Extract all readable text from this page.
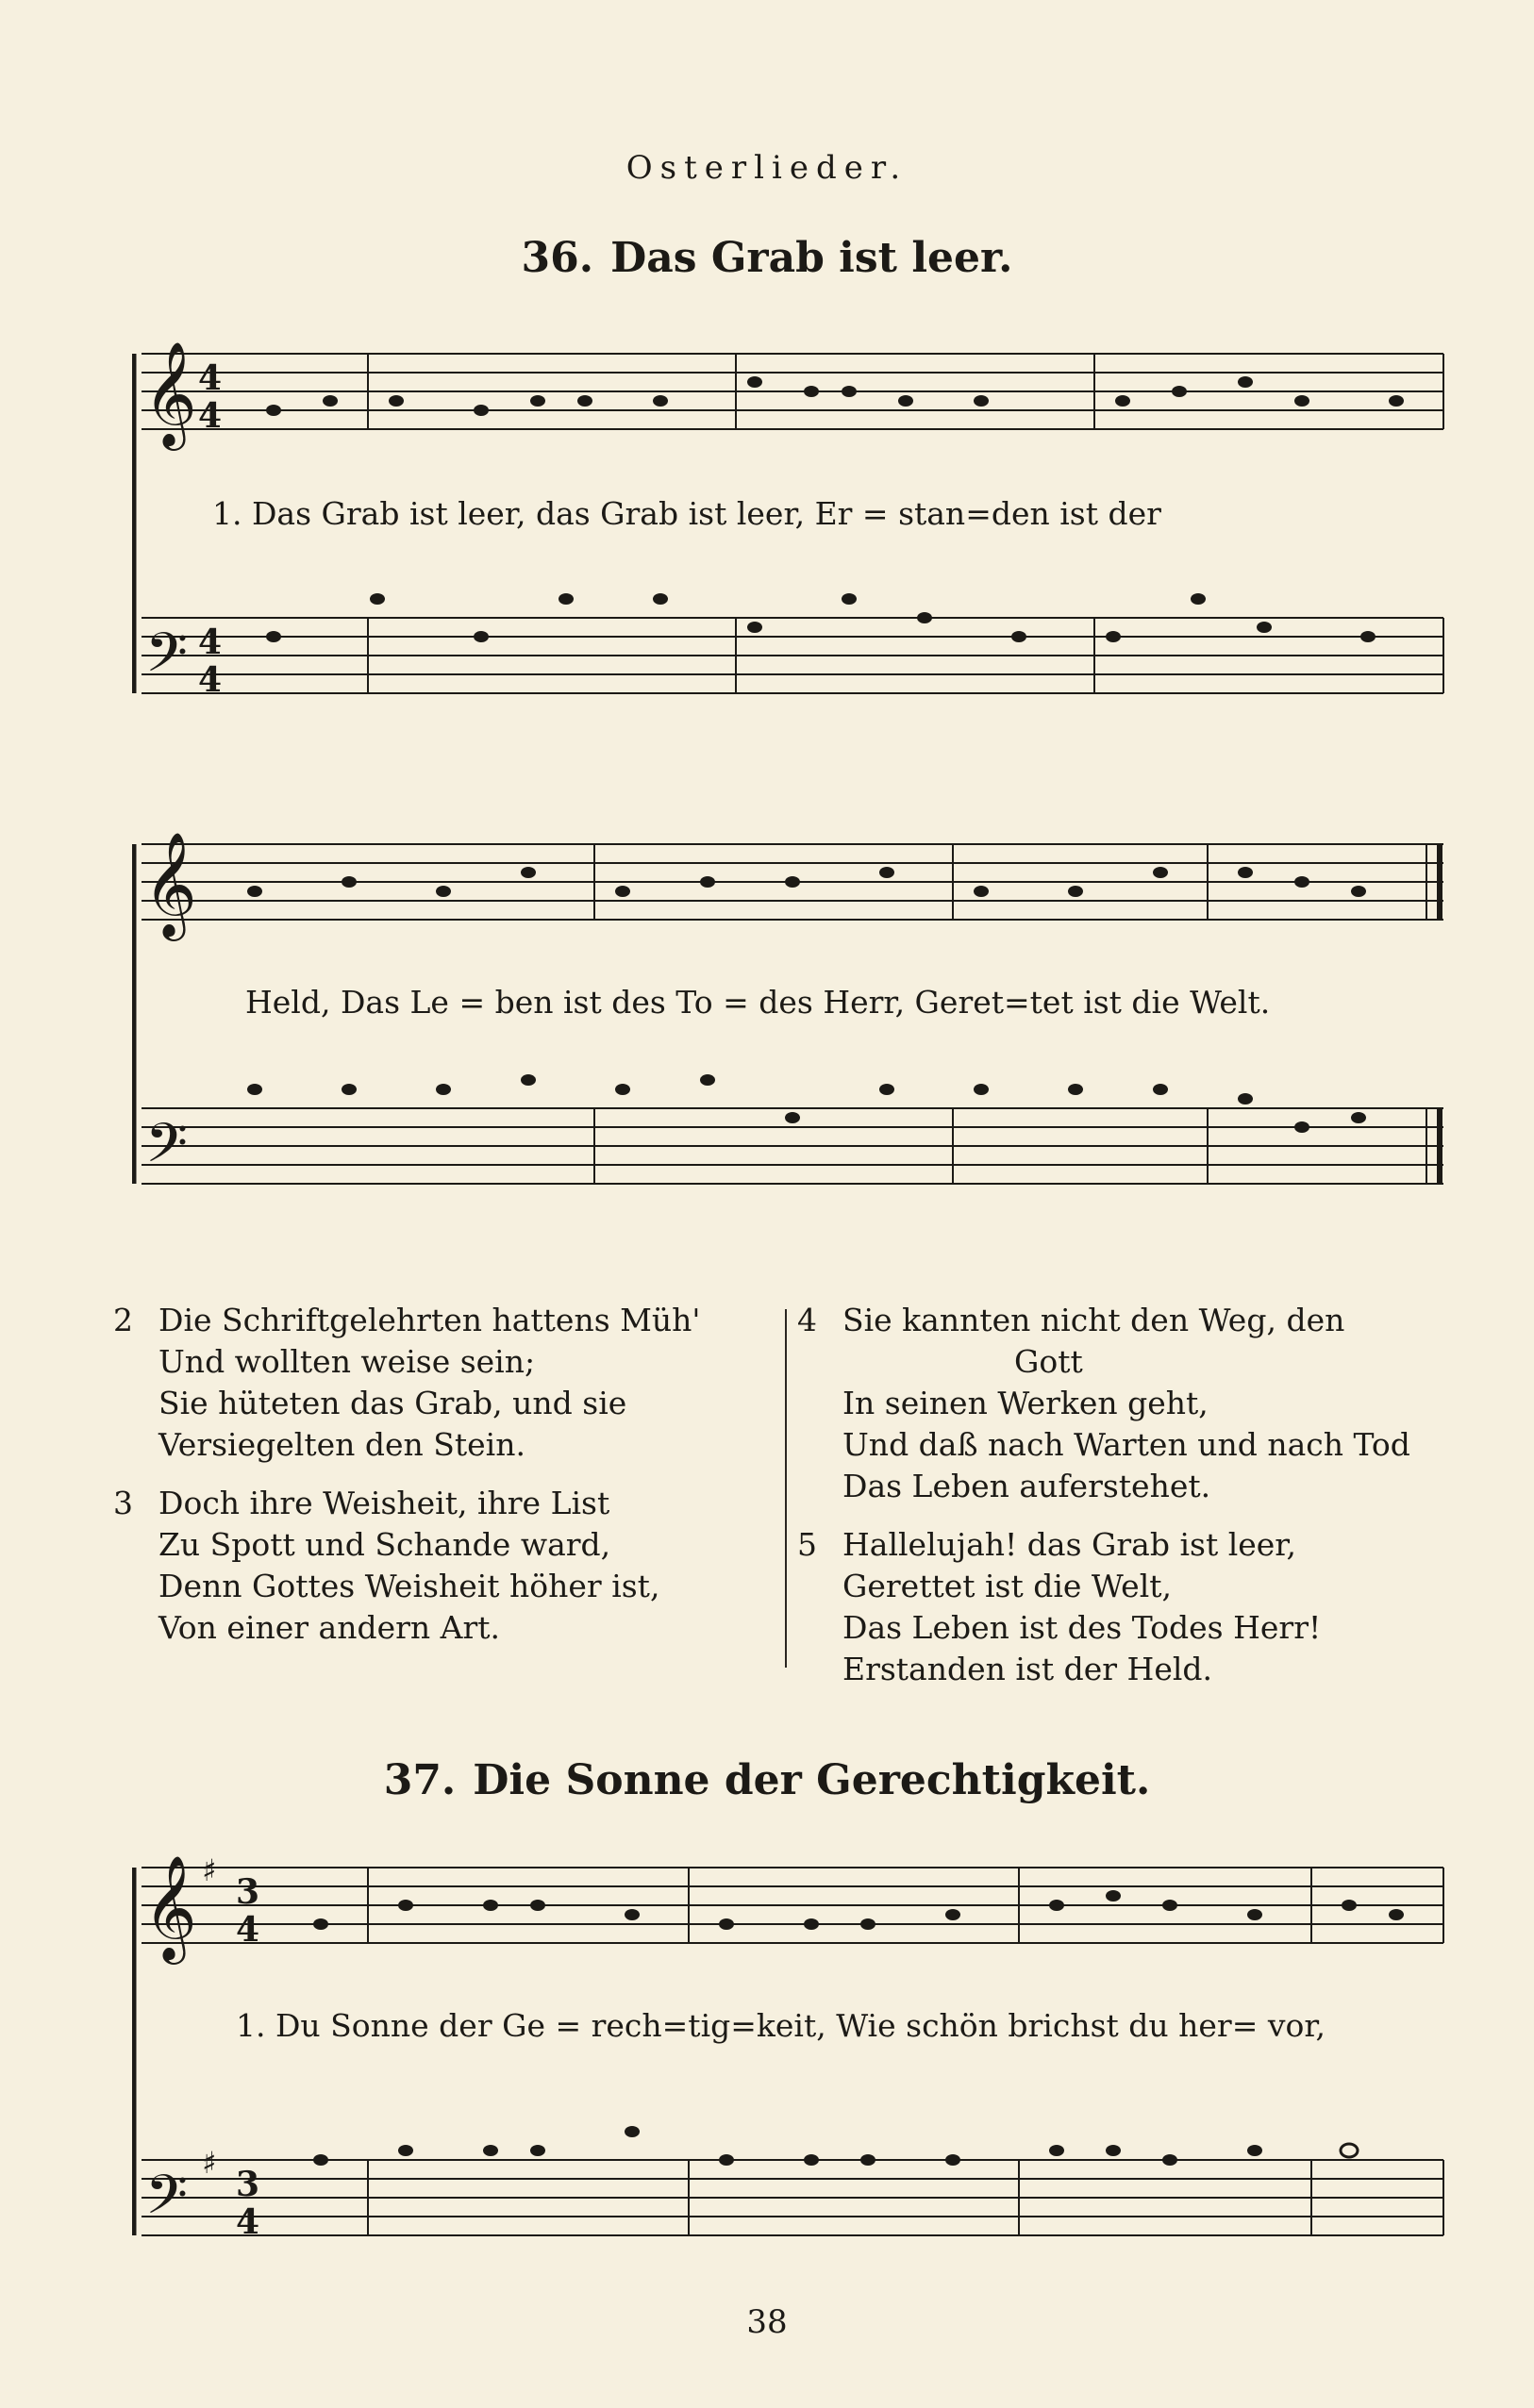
Osterlieder.
36. Das Grab ist leer.
𝄞
𝄢
4
4
4
4
1. Das Grab ist leer, das Grab ist leer, Er = stan=den ist der
𝄞
𝄢
Held, Das Le = ben ist des To = des Herr, Geret=tet ist die Welt.
2 Die Schriftgelehrten hattens Müh'
Und wollten weise sein;
Sie hüteten das Grab, und sie
Versiegelten den Stein.
3 Doch ihre Weisheit, ihre List
Zu Spott und Schande ward,
Denn Gottes Weisheit höher ist,
Von einer andern Art.
4 Sie kannten nicht den Weg, den
Gott
In seinen Werken geht,
Und daß nach Warten und nach Tod
Das Leben auferstehet.
5 Hallelujah! das Grab ist leer,
Gerettet ist die Welt,
Das Leben ist des Todes Herr!
Erstanden ist der Held.
37. Die Sonne der Gerechtigkeit.
𝄞
𝄢
♯
♯
3
4
3
4
1. Du Sonne der Ge = rech=tig=keit, Wie schön brichst du her= vor,
38
